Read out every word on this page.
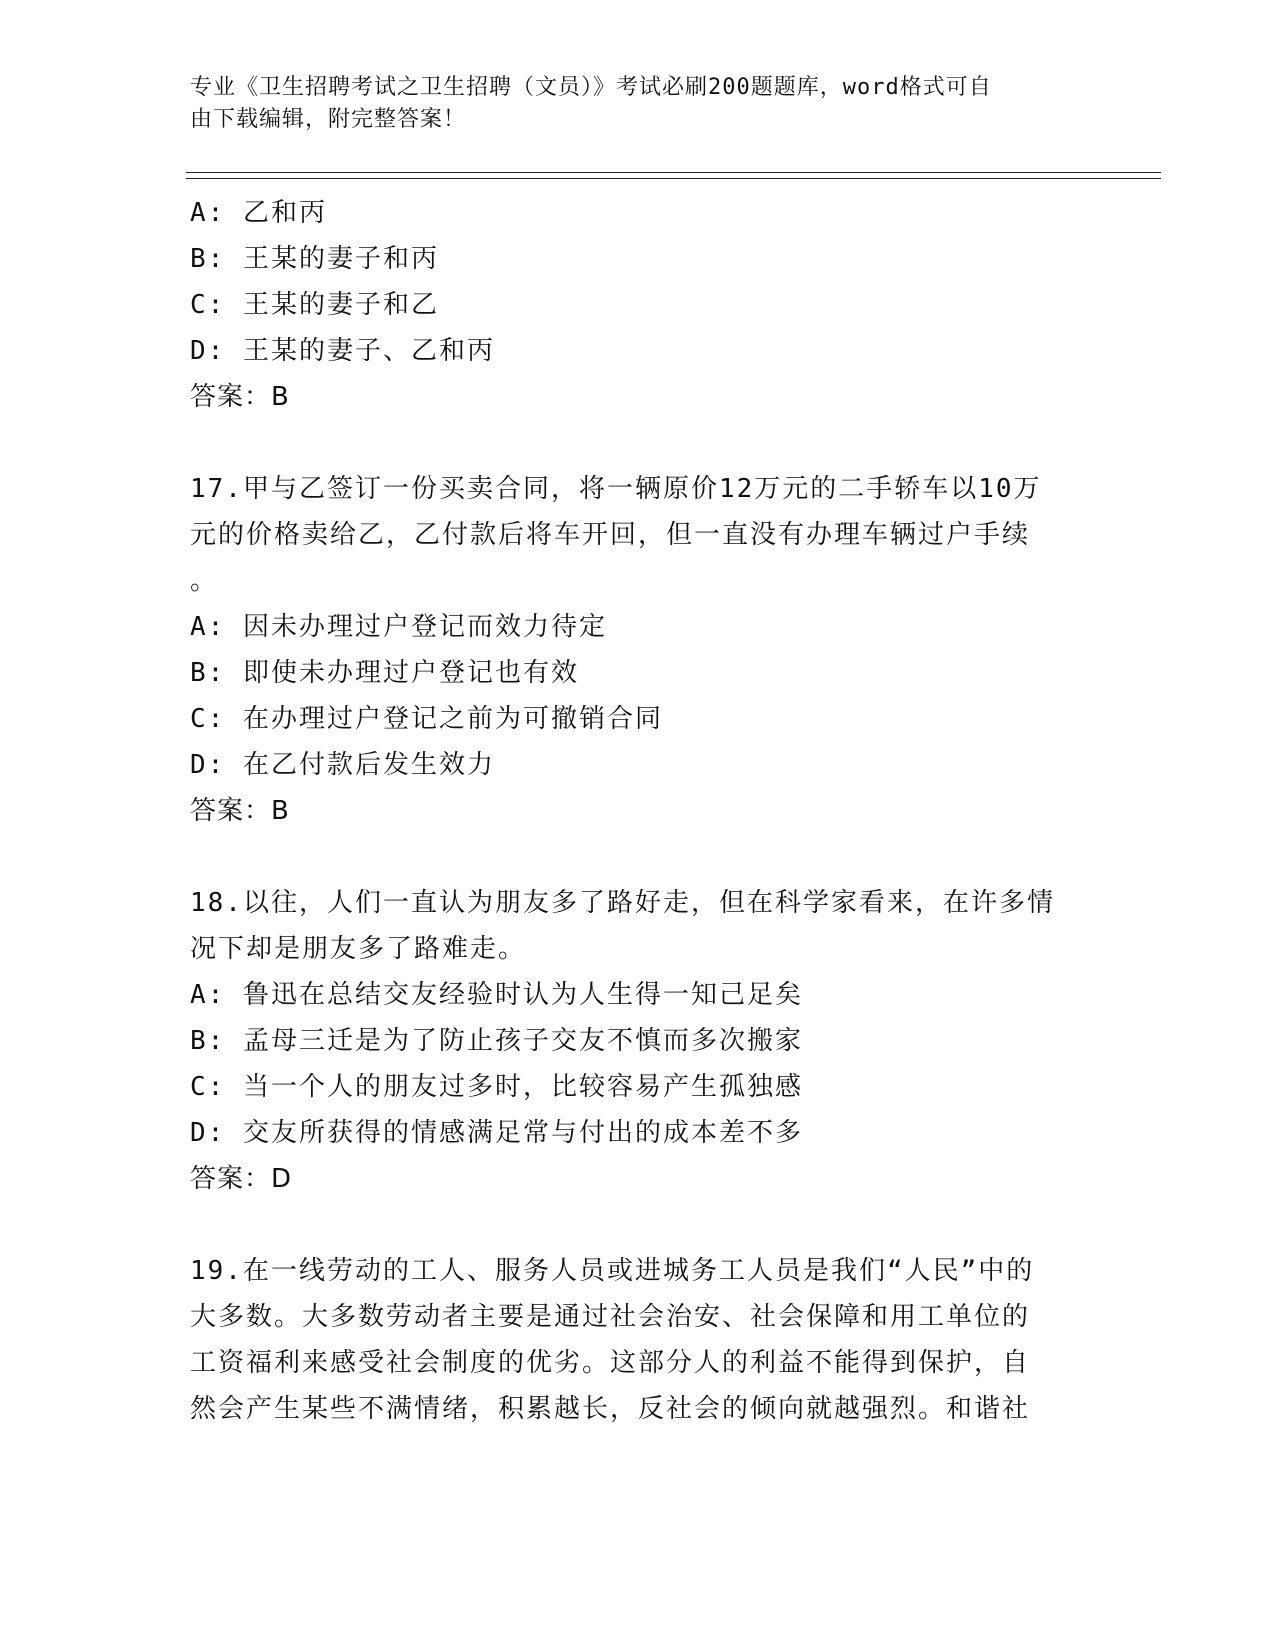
专业《卫生招聘考试之卫生招聘（文员）》考试必刷200题题库，word格式可自
由下载编辑，附完整答案！

A: 乙和丙

B: 王某的妻子和丙

C: 王某的妻子和乙

D: 王某的妻子、乙和丙

答案：B

17.甲与乙签订一份买卖合同，将一辆原价12万元的二手轿车以10万

元的价格卖给乙，乙付款后将车开回，但一直没有办理车辆过户手续

。

A: 因未办理过户登记而效力待定

B: 即使未办理过户登记也有效

C: 在办理过户登记之前为可撤销合同

D: 在乙付款后发生效力

答案：B

18.以往，人们一直认为朋友多了路好走，但在科学家看来，在许多情

况下却是朋友多了路难走。

A: 鲁迅在总结交友经验时认为人生得一知己足矣

B: 孟母三迁是为了防止孩子交友不慎而多次搬家

C: 当一个人的朋友过多时，比较容易产生孤独感

D: 交友所获得的情感满足常与付出的成本差不多

答案：D

19.在一线劳动的工人、服务人员或进城务工人员是我们“人民”中的

大多数。大多数劳动者主要是通过社会治安、社会保障和用工单位的

工资福利来感受社会制度的优劣。这部分人的利益不能得到保护，自

然会产生某些不满情绪，积累越长，反社会的倾向就越强烈。和谐社
